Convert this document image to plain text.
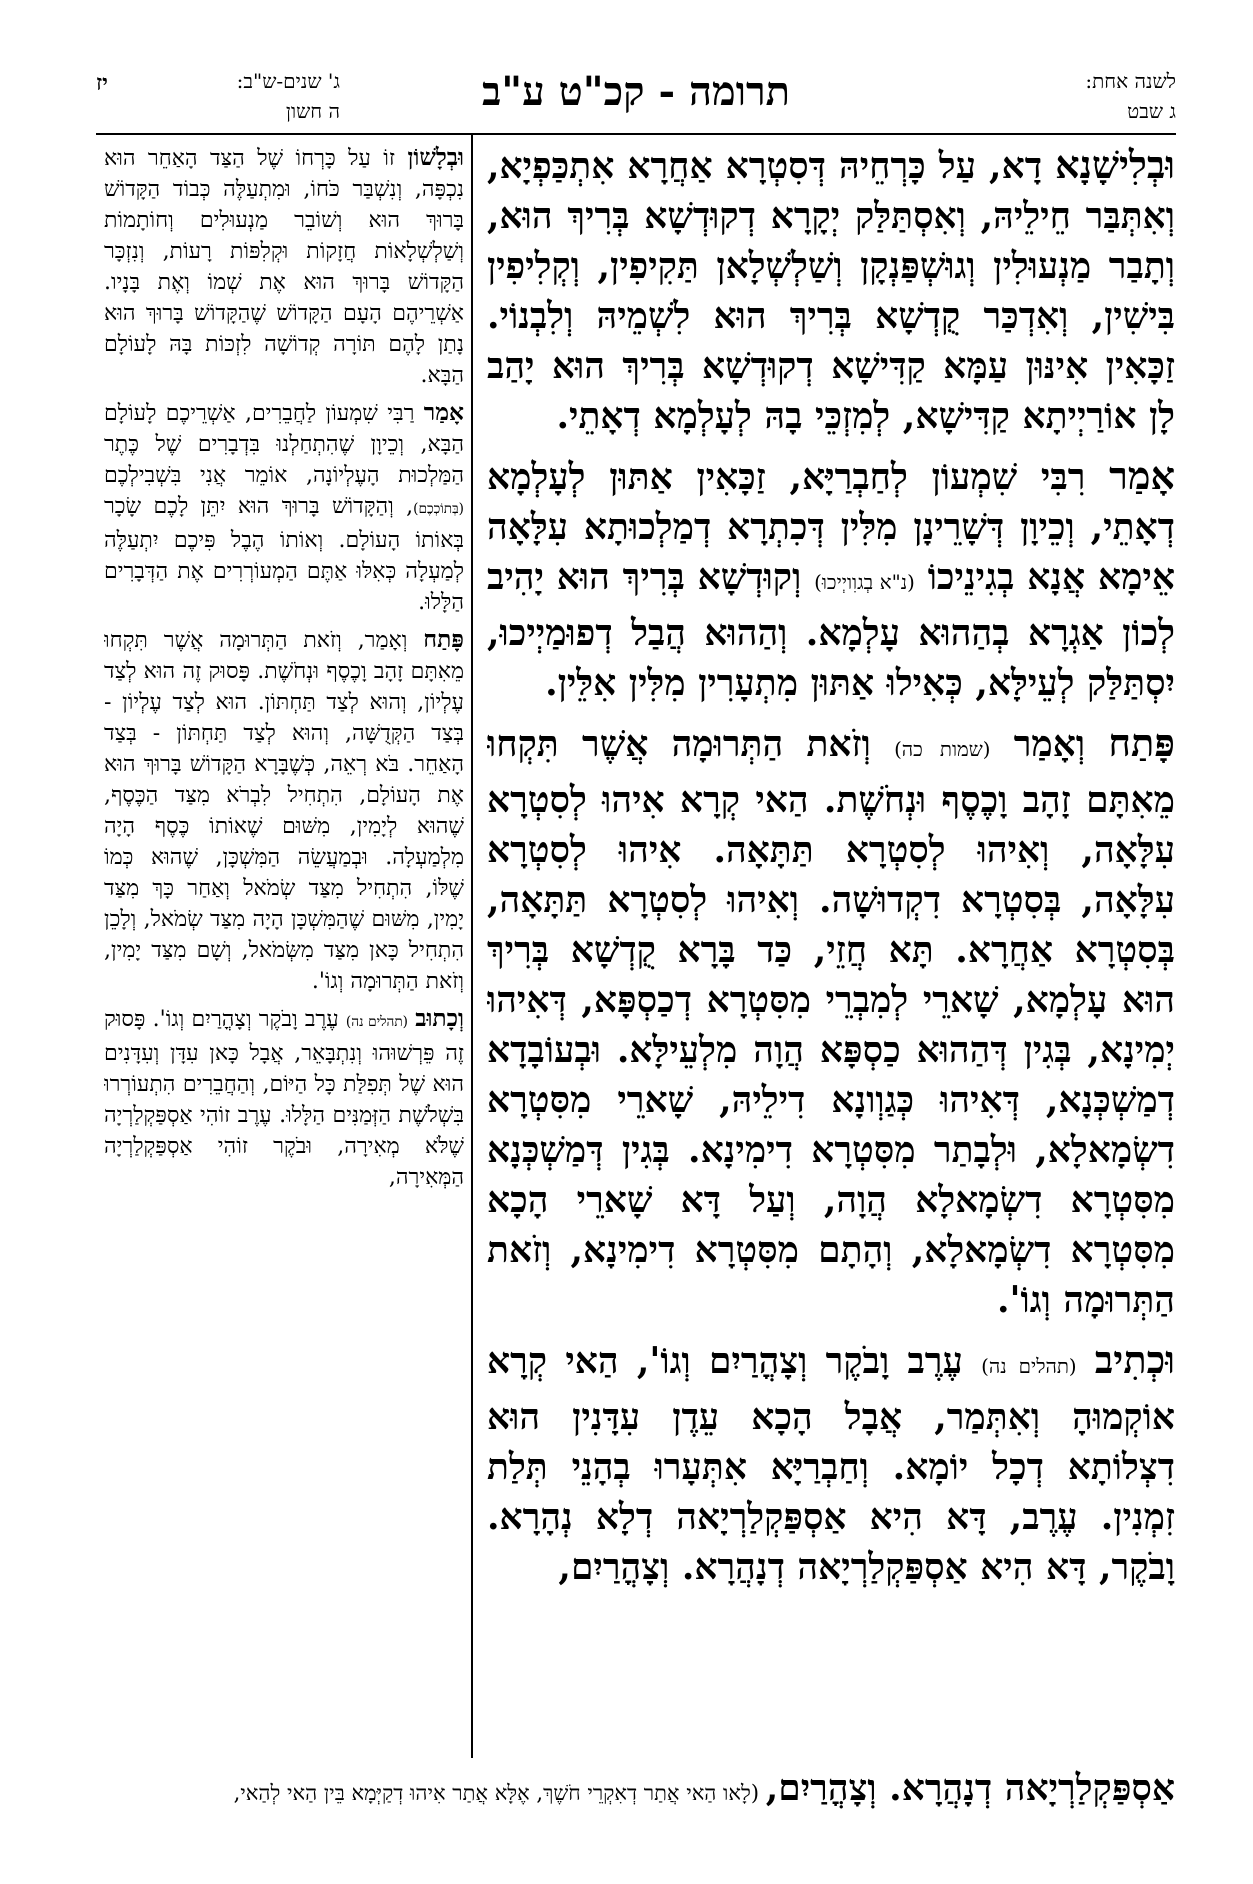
לשנה אחת:
ג שבט
תרומה - קכ"ט ע"ב
ג' שנים-ש"ב:
ה חשון
יז

וּבְלִישָׁנָא דָא, עַל כָּרְחֵיהּ דְּסִטְרָא אַחֲרָא אִתְכַּפְיָא, וְאִתְּבַּר חֵילֵיהּ, וְאִסְתַּלַּק יְקָרָא דְקוּדְשָׁא בְּרִיךְ הוּא, וְתָבַר מַנְעוּלִין וְגוּשְׁפַּנְקָן וְשַׁלְשְׁלָאן תַּקִיפִין, וְקְלִיפִין בִּישִׁין, וְאִדְכַּר קֻדְשָׁא בְּרִיךְ הוּא לִשְׁמֵיהּ וְלִבְנוֹי. זַכָּאִין אִינּוּן עַמָּא קַדִּישָׁא דְקוּדְשָׁא בְּרִיךְ הוּא יָהַב לָן אוֹרַיְיתָא קַדִּישָׁא, לְמִזְכֵּי בָהּ לְעָלְמָא דְאָתֵי.

אָמַר רִבִּי שִׁמְעוֹן לְחַבְרַיָּא, זַכָּאִין אַתּוּן לְעָלְמָא דְאָתֵי, וְכֵיוָן דְּשָׁרֵינָן מִלִּין דְּכִתְרָא דְמַלְכוּתָא עִלָּאָה אֵימָא אֲנָא בְגִינֵיכוֹ (נ"א בְגוִויְיכוּ) וְקוּדְשָׁא בְּרִיךְ הוּא יָהִיב לְכוֹן אַגְרָא בְהַהוּא עָלְמָא. וְהַהוּא הֲבַל דְפוּמַיְיכוּ, יִסְתַּלַּק לְעֵילָּא, כְּאִילוּ אַתּוּן מִתְעָרִין מִלִּין אִלֵּין.

פָּתַח וְאָמַר (שמות כה) וְזֹאת הַתְּרוּמָה אֲשֶׁר תִּקְחוּ מֵאִתָּם זָהָב וָכֶסֶף וּנְחֹשֶׁת. הַאי קְרָא אִיהוּ לְסִטְרָא עִלָּאָה, וְאִיהוּ לְסִטְרָא תַּתָּאָה. אִיהוּ לְסִטְרָא עִלָּאָה, בְּסִטְרָא דִקְדוּשָׁה. וְאִיהוּ לְסִטְרָא תַּתָּאָה, בְּסִטְרָא אַחֲרָא. תָּא חֲזֵי, כַּד בָּרָא קֻדְשָׁא בְּרִיךְ הוּא עָלְמָא, שָׁארֵי לְמִבְרֵי מִסִּטְרָא דְכַסְפָּא, דְּאִיהוּ יְמִינָא, בְּגִין דְּהַהוּא כַסְפָּא הֲוָה מִלְעֵילָּא. וּבְעוֹבָדָא דְמַשְׁכְּנָא, דְּאִיהוּ כְּגַוְונָא דִילֵיהּ, שָׁארֵי מִסִּטְרָא דִשְׂמָאלָא, וּלְבָתַר מִסִּטְרָא דִימִינָא. בְּגִין דְּמַשְׁכְּנָא מִסִּטְרָא דִשְׂמָאלָא הֲוָה, וְעַל דָּא שָׁארֵי הָכָא מִסִּטְרָא דִשְׂמָאלָא, וְהָתָם מִסִּטְרָא דִימִינָא, וְזֹאת הַתְּרוּמָה וְגוֹ'.

וּכְתִיב (תהלים נה) עֶרֶב וָבֹקֶר וְצָהֳרַיִם וְגוֹ', הַאי קְרָא אוֹקְמוּהָ וְאִתְּמַר, אֲבָל הָכָא עֵדֶן עִדָּנִין הוּא דִצְלוֹתָא דְכָל יוֹמָא. וְחַבְרַיָּא אִתְּעָרוּ בְהָנֵי תְּלַת זִמְנִין. עֶרֶב, דָּא הִיא אַסְפַּקְלַרְיָאה דְלָא נְהָרָא. וָבֹקֶר, דָּא הִיא אַסְפַּקְלַרְיָאה דְנָהֲרָא. וְצָהֳרַיִם,

וּבְלָשׁוֹן זוֹ עַל כָּרְחוֹ שֶׁל הַצַּד הָאַחֵר הוּא נִכְפָּה, וְנִשְׁבַּר כֹּחוֹ, וּמִתְעַלֶּה כְּבוֹד הַקָּדוֹשׁ בָּרוּךְ הוּא וְשׁוֹבֵר מַנְעוּלִים וְחוֹתָמוֹת וְשַׁלְשְׁלָאוֹת חֲזָקוֹת וּקְלִפּוֹת רָעוֹת, וְנִזְכָּר הַקָּדוֹשׁ בָּרוּךְ הוּא אֶת שְׁמוֹ וְאֶת בָּנָיו. אַשְׁרֵיהֶם הָעָם הַקָּדוֹשׁ שֶׁהַקָּדוֹשׁ בָּרוּךְ הוּא נָתַן לָהֶם תּוֹרָה קְדוֹשָׁה לִזְכּוֹת בָּהּ לָעוֹלָם הַבָּא.

אָמַר רַבִּי שִׁמְעוֹן לַחֲבֵרִים, אַשְׁרֵיכֶם לָעוֹלָם הַבָּא, וְכֵיוָן שֶׁהִתְחַלְנוּ בִּדְבָרִים שֶׁל כֶּתֶר הַמַּלְכוּת הָעֶלְיוֹנָה, אוֹמֵר אֲנִי בִּשְׁבִילְכֶם (בְּתוֹכְכֶם), וְהַקָּדוֹשׁ בָּרוּךְ הוּא יִתֵּן לָכֶם שָׂכָר בְּאוֹתוֹ הָעוֹלָם. וְאוֹתוֹ הֶבֶל פִּיכֶם יִתְעַלֶּה לְמַעְלָה כְּאִלּוּ אַתֶּם הַמְעוֹרְרִים אֶת הַדְּבָרִים הַלָּלוּ.

פָּתַח וְאָמַר, וְזֹאת הַתְּרוּמָה אֲשֶׁר תִּקְחוּ מֵאִתָּם זָהָב וָכֶסֶף וּנְחֹשֶׁת. פָּסוּק זֶה הוּא לְצַד עֶלְיוֹן, וְהוּא לְצַד תַּחְתּוֹן. הוּא לְצַד עֶלְיוֹן - בְּצַד הַקְּדֻשָּׁה, וְהוּא לְצַד תַּחְתּוֹן - בְּצַד הָאַחֵר. בֹּא רְאֵה, כְּשֶׁבָּרָא הַקָּדוֹשׁ בָּרוּךְ הוּא אֶת הָעוֹלָם, הִתְחִיל לִבְרֹא מִצַּד הַכֶּסֶף, שֶׁהוּא לְיָמִין, מִשּׁוּם שֶׁאוֹתוֹ כֶּסֶף הָיָה מִלְמַעְלָה. וּבְמַעֲשֵׂה הַמִּשְׁכָּן, שֶׁהוּא כְּמוֹ שֶׁלּוֹ, הִתְחִיל מִצַּד שְׂמֹאל וְאַחַר כָּךְ מִצַּד יָמִין, מִשּׁוּם שֶׁהַמִּשְׁכָּן הָיָה מִצַּד שְׂמֹאל, וְלָכֵן הִתְחִיל כָּאן מִצַּד מִשְּׂמֹאל, וְשָׁם מִצַּד יָמִין, וְזֹאת הַתְּרוּמָה וְגוֹ'.

וְכָתוּב (תהלים נה) עֶרֶב וָבֹקֶר וְצָהֳרַיִם וְגוֹ'. פָּסוּק זֶה פֵּרְשׁוּהוּ וְנִתְבָּאֵר, אֲבָל כָּאן עִדָּן וְעִדָּנִים הוּא שֶׁל תְּפִלַּת כָּל הַיּוֹם, וְהַחֲבֵרִים הִתְעוֹרְרוּ בִּשְׁלֹשֶׁת הַזְּמַנִּים הַלָּלוּ. עֶרֶב זוֹהִי אַסְפַּקְלַרְיָה שֶׁלֹּא מְאִירָה, וּבֹקֶר זוֹהִי אַסְפַּקְלַרְיָה הַמְּאִירָה,

אַסְפַּקְלַרְיָאה דְנָהֲרָא. וְצָהֳרַיִם, (לָאו הַאי אֲתַר דְאִקְרֵי חֹשֶׁךְ, אֶלָּא אֲתַר אִיהוּ דְקַיְּמָא בֵּין הַאי לְהַאי,
